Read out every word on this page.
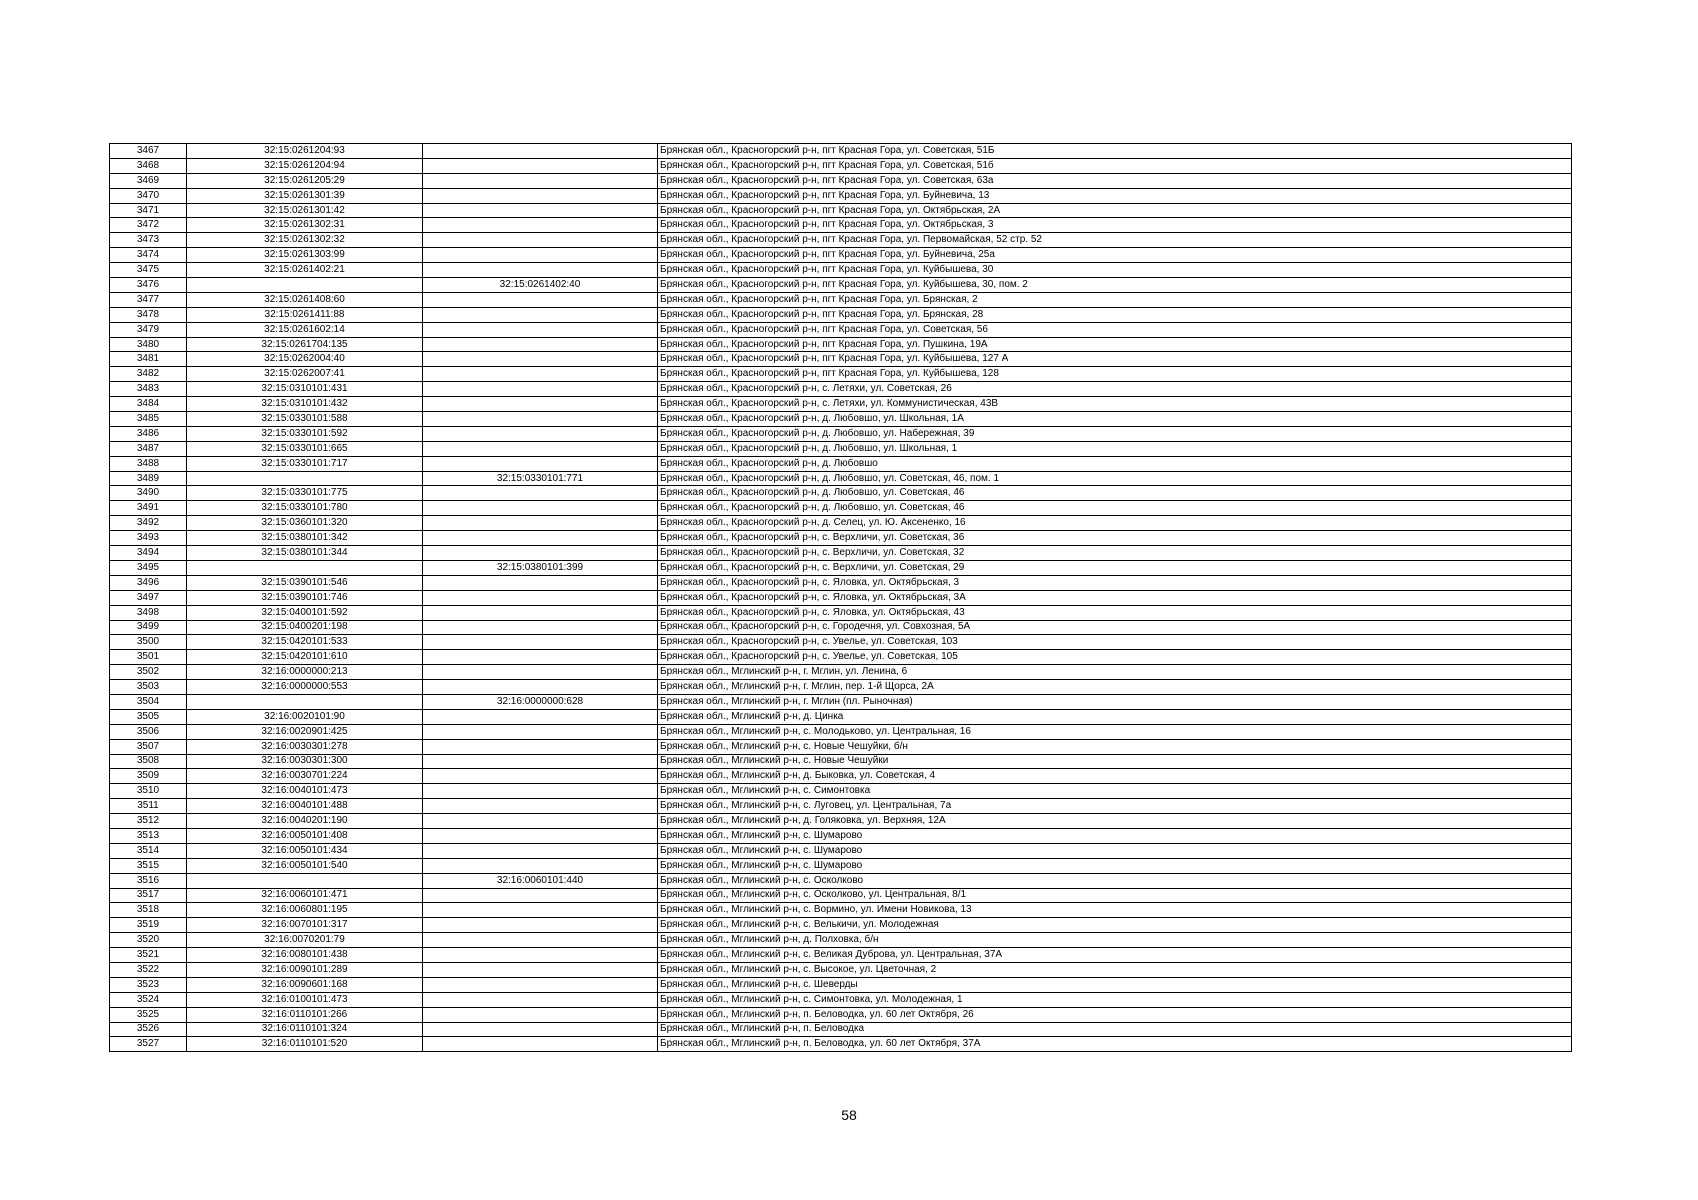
3467	32:15:0261204:93		Брянская обл., Красногорский р-н, пгт Красная Гора, ул. Советская, 51Б
3468	32:15:0261204:94		Брянская обл., Красногорский р-н, пгт Красная Гора, ул. Советская, 51б
3469	32:15:0261205:29		Брянская обл., Красногорский р-н, пгт Красная Гора, ул. Советская, 63а
3470	32:15:0261301:39		Брянская обл., Красногорский р-н, пгт Красная Гора, ул. Буйневича, 13
3471	32:15:0261301:42		Брянская обл., Красногорский р-н, пгт Красная Гора, ул. Октябрьская, 2А
3472	32:15:0261302:31		Брянская обл., Красногорский р-н, пгт Красная Гора, ул. Октябрьская, 3
3473	32:15:0261302:32		Брянская обл., Красногорский р-н, пгт Красная Гора, ул. Первомайская, 52 стр. 52
3474	32:15:0261303:99		Брянская обл., Красногорский р-н, пгт Красная Гора, ул. Буйневича, 25а
3475	32:15:0261402:21		Брянская обл., Красногорский р-н, пгт Красная Гора, ул. Куйбышева, 30
3476		32:15:0261402:40	Брянская обл., Красногорский р-н, пгт Красная Гора, ул. Куйбышева, 30, пом. 2
3477	32:15:0261408:60		Брянская обл., Красногорский р-н, пгт Красная Гора, ул. Брянская, 2
3478	32:15:0261411:88		Брянская обл., Красногорский р-н, пгт Красная Гора, ул. Брянская, 28
3479	32:15:0261602:14		Брянская обл., Красногорский р-н, пгт Красная Гора, ул. Советская, 56
3480	32:15:0261704:135		Брянская обл., Красногорский р-н, пгт Красная Гора, ул. Пушкина, 19А
3481	32:15:0262004:40		Брянская обл., Красногорский р-н, пгт Красная Гора, ул. Куйбышева, 127 А
3482	32:15:0262007:41		Брянская обл., Красногорский р-н, пгт Красная Гора, ул. Куйбышева, 128
3483	32:15:0310101:431		Брянская обл., Красногорский р-н, с. Летяхи, ул. Советская, 26
3484	32:15:0310101:432		Брянская обл., Красногорский р-н, с. Летяхи, ул. Коммунистическая, 43В
3485	32:15:0330101:588		Брянская обл., Красногорский р-н, д. Любовшо, ул. Школьная, 1А
3486	32:15:0330101:592		Брянская обл., Красногорский р-н, д. Любовшо, ул. Набережная, 39
3487	32:15:0330101:665		Брянская обл., Красногорский р-н, д. Любовшо, ул. Школьная, 1
3488	32:15:0330101:717		Брянская обл., Красногорский р-н, д. Любовшо
3489		32:15:0330101:771	Брянская обл., Красногорский р-н, д. Любовшо, ул. Советская, 46, пом. 1
3490	32:15:0330101:775		Брянская обл., Красногорский р-н, д. Любовшо, ул. Советская, 46
3491	32:15:0330101:780		Брянская обл., Красногорский р-н, д. Любовшо, ул. Советская, 46
3492	32:15:0360101:320		Брянская обл., Красногорский р-н, д. Селец, ул. Ю. Аксененко, 16
3493	32:15:0380101:342		Брянская обл., Красногорский р-н, с. Верхличи, ул. Советская, 36
3494	32:15:0380101:344		Брянская обл., Красногорский р-н, с. Верхличи, ул. Советская, 32
3495		32:15:0380101:399	Брянская обл., Красногорский р-н, с. Верхличи, ул. Советская, 29
3496	32:15:0390101:546		Брянская обл., Красногорский р-н, с. Яловка, ул. Октябрьская, 3
3497	32:15:0390101:746		Брянская обл., Красногорский р-н, с. Яловка, ул. Октябрьская, 3А
3498	32:15:0400101:592		Брянская обл., Красногорский р-н, с. Яловка, ул. Октябрьская, 43
3499	32:15:0400201:198		Брянская обл., Красногорский р-н, с. Городечня, ул. Совхозная, 5А
3500	32:15:0420101:533		Брянская обл., Красногорский р-н, с. Увелье, ул. Советская, 103
3501	32:15:0420101:610		Брянская обл., Красногорский р-н, с. Увелье, ул. Советская, 105
3502	32:16:0000000:213		Брянская обл., Мглинский р-н, г. Мглин, ул. Ленина, 6
3503	32:16:0000000:553		Брянская обл., Мглинский р-н, г. Мглин, пер. 1-й Щорса, 2А
3504		32:16:0000000:628	Брянская обл., Мглинский р-н, г. Мглин (пл. Рыночная)
3505	32:16:0020101:90		Брянская обл., Мглинский р-н, д. Цинка
3506	32:16:0020901:425		Брянская обл., Мглинский р-н, с. Молодьково, ул. Центральная, 16
3507	32:16:0030301:278		Брянская обл., Мглинский р-н, с. Новые Чешуйки, б/н
3508	32:16:0030301:300		Брянская обл., Мглинский р-н, с. Новые Чешуйки
3509	32:16:0030701:224		Брянская обл., Мглинский р-н, д. Быковка, ул. Советская, 4
3510	32:16:0040101:473		Брянская обл., Мглинский р-н, с. Симонтовка
3511	32:16:0040101:488		Брянская обл., Мглинский р-н, с. Луговец, ул. Центральная, 7а
3512	32:16:0040201:190		Брянская обл., Мглинский р-н, д. Голяковка, ул. Верхняя, 12А
3513	32:16:0050101:408		Брянская обл., Мглинский р-н, с. Шумарово
3514	32:16:0050101:434		Брянская обл., Мглинский р-н, с. Шумарово
3515	32:16:0050101:540		Брянская обл., Мглинский р-н, с. Шумарово
3516		32:16:0060101:440	Брянская обл., Мглинский р-н, с. Осколково
3517	32:16:0060101:471		Брянская обл., Мглинский р-н, с. Осколково, ул. Центральная, 8/1
3518	32:16:0060801:195		Брянская обл., Мглинский р-н, с. Вормино, ул. Имени Новикова, 13
3519	32:16:0070101:317		Брянская обл., Мглинский р-н, с. Велькичи, ул. Молодежная
3520	32:16:0070201:79		Брянская обл., Мглинский р-н, д. Полховка, б/н
3521	32:16:0080101:438		Брянская обл., Мглинский р-н, с. Великая Дуброва, ул. Центральная, 37А
3522	32:16:0090101:289		Брянская обл., Мглинский р-н, с. Высокое, ул. Цветочная, 2
3523	32:16:0090601:168		Брянская обл., Мглинский р-н, с. Шеверды
3524	32:16:0100101:473		Брянская обл., Мглинский р-н, с. Симонтовка, ул. Молодежная, 1
3525	32:16:0110101:266		Брянская обл., Мглинский р-н, п. Беловодка, ул. 60 лет Октября, 26
3526	32:16:0110101:324		Брянская обл., Мглинский р-н, п. Беловодка
3527	32:16:0110101:520		Брянская обл., Мглинский р-н, п. Беловодка, ул. 60 лет Октября, 37А
58
